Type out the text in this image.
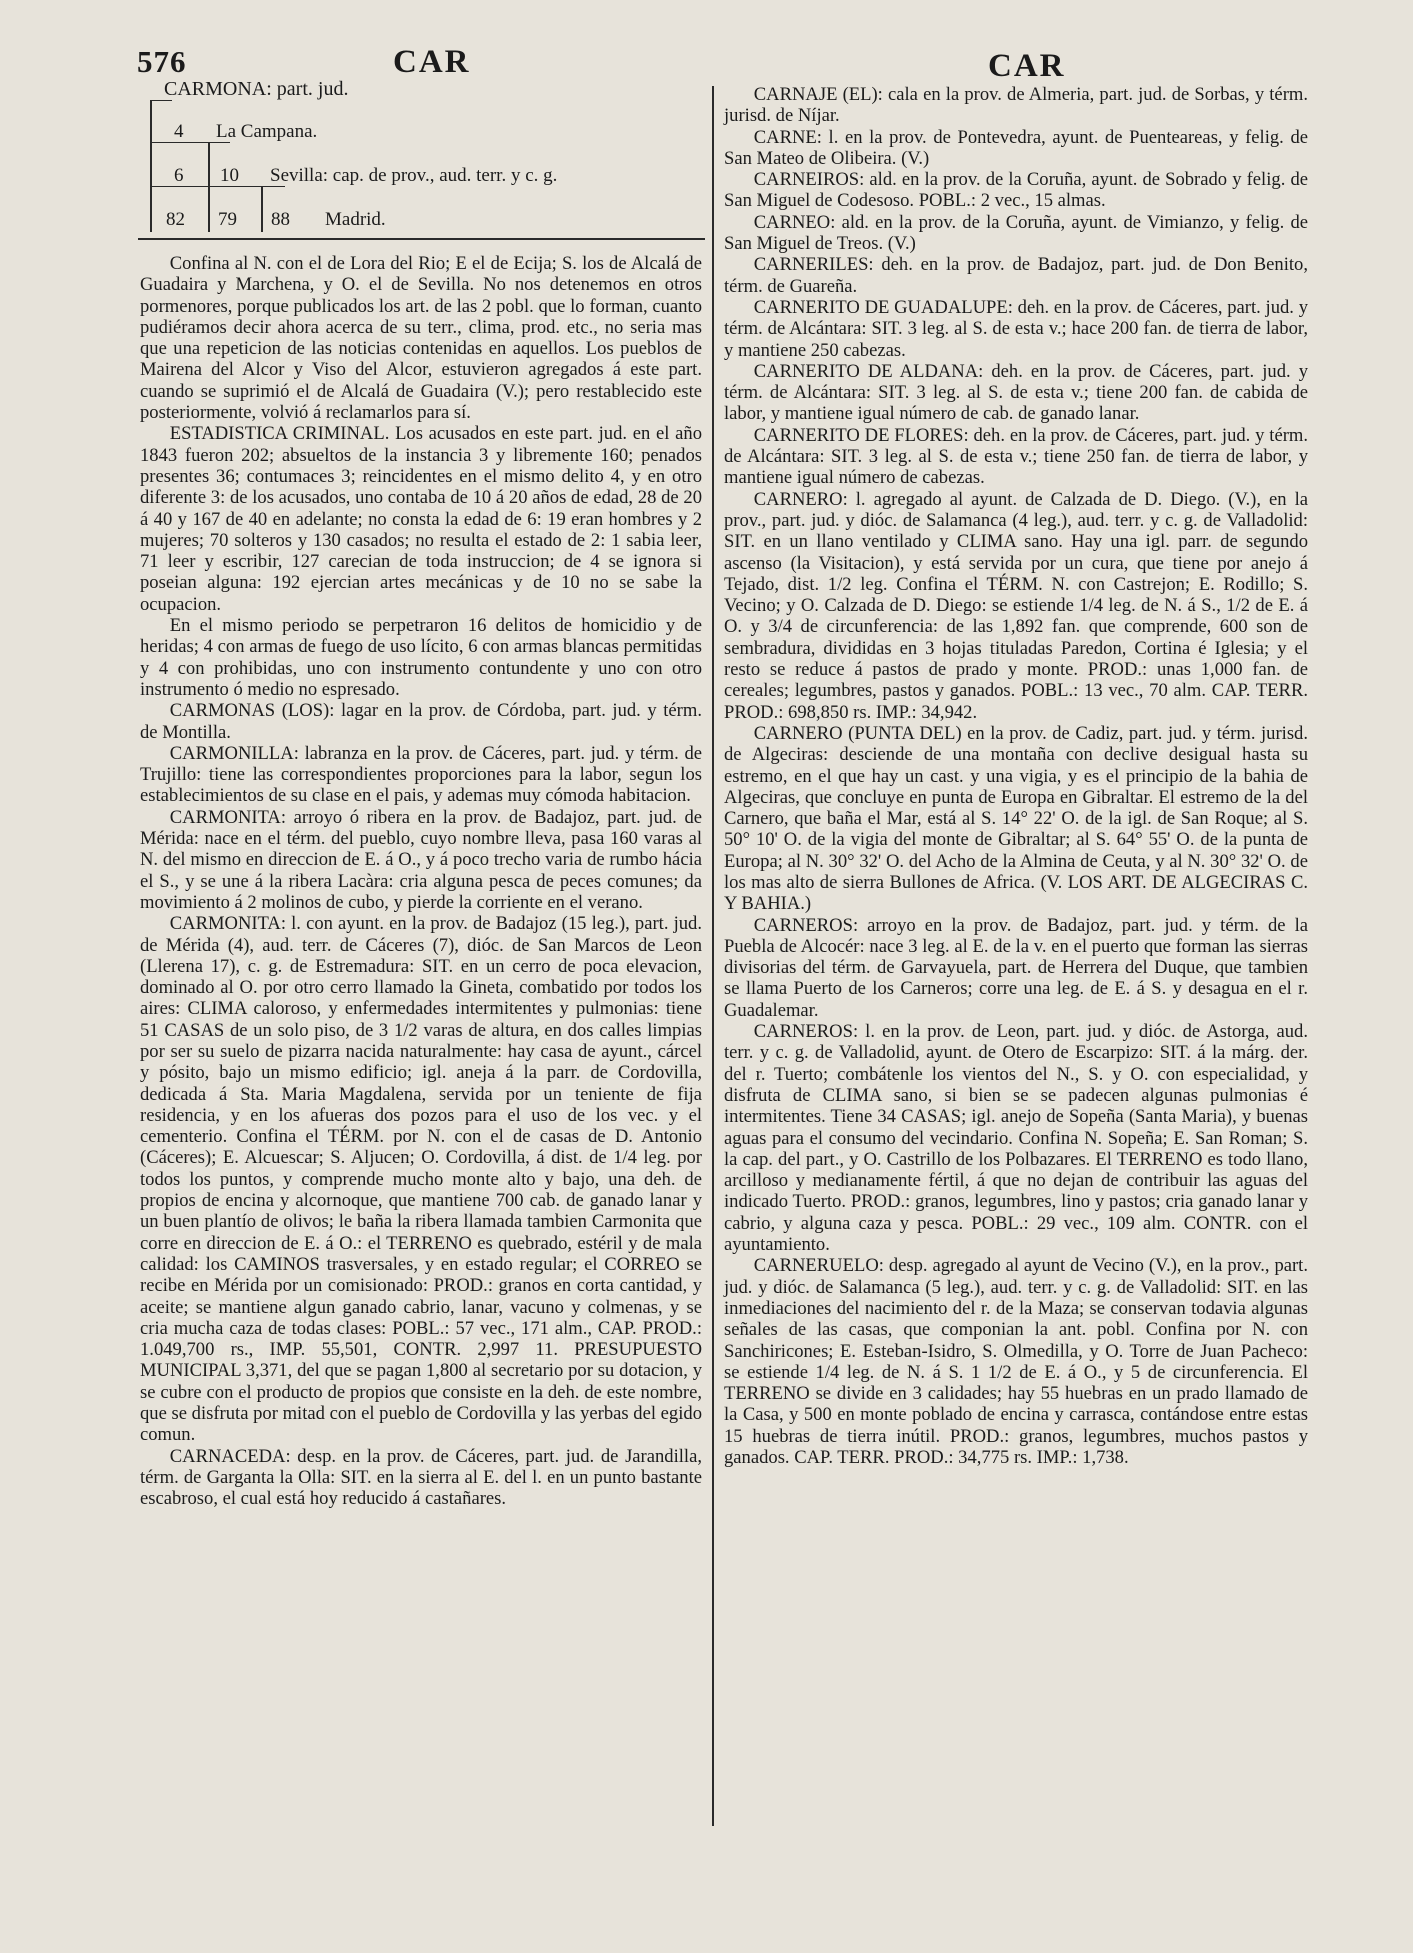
576	CAR	CAR
CARMONA: part. jud.
4 La Campana.
6 10 Sevilla: cap. de prov., aud. terr. y c. g.
82 79 88 Madrid.

Confina al N. con el de Lora del Rio; E el de Ecija; S. los de Alcalá de Guadaira y Marchena, y O. el de Sevilla. No nos detenemos en otros pormenores, porque publicados los art. de las 2 pobl. que lo forman, cuanto pudiéramos decir ahora acerca de su terr., clima, prod. etc., no seria mas que una repeticion de las noticias contenidas en aquellos. Los pueblos de Mairena del Alcor y Viso del Alcor, estuvieron agregados á este part. cuando se suprimió el de Alcalá de Guadaira (V.); pero restablecido este posteriormente, volvió á reclamarlos para sí.

ESTADISTICA CRIMINAL. Los acusados en este part. jud. en el año 1843 fueron 202; absueltos de la instancia 3 y libremente 160; penados presentes 36; contumaces 3; reincidentes en el mismo delito 4, y en otro diferente 3: de los acusados, uno contaba de 10 á 20 años de edad, 28 de 20 á 40 y 167 de 40 en adelante; no consta la edad de 6: 19 eran hombres y 2 mujeres; 70 solteros y 130 casados; no resulta el estado de 2: 1 sabia leer, 71 leer y escribir, 127 carecian de toda instruccion; de 4 se ignora si poseian alguna: 192 ejercian artes mecánicas y de 10 no se sabe la ocupacion.

En el mismo periodo se perpetraron 16 delitos de homicidio y de heridas; 4 con armas de fuego de uso lícito, 6 con armas blancas permitidas y 4 con prohibidas, uno con instrumento contundente y uno con otro instrumento ó medio no espresado.

CARMONAS (LOS): lagar en la prov. de Córdoba, part. jud. y térm. de Montilla.

CARMONILLA: labranza en la prov. de Cáceres, part. jud. y térm. de Trujillo: tiene las correspondientes proporciones para la labor, segun los establecimientos de su clase en el pais, y ademas muy cómoda habitacion.

CARMONITA: arroyo ó ribera en la prov. de Badajoz, part. jud. de Mérida: nace en el térm. del pueblo, cuyo nombre lleva, pasa 160 varas al N. del mismo en direccion de E. á O., y á poco trecho varia de rumbo hácia el S., y se une á la ribera Lacàra: cria alguna pesca de peces comunes; da movimiento á 2 molinos de cubo, y pierde la corriente en el verano.

CARMONITA: l. con ayunt. en la prov. de Badajoz (15 leg.), part. jud. de Mérida (4), aud. terr. de Cáceres (7), dióc. de San Marcos de Leon (Llerena 17), c. g. de Estremadura: SIT. en un cerro de poca elevacion, dominado al O. por otro cerro llamado la Gineta, combatido por todos los aires: CLIMA caloroso, y enfermedades intermitentes y pulmonias: tiene 51 CASAS de un solo piso, de 3 1/2 varas de altura, en dos calles limpias por ser su suelo de pizarra nacida naturalmente: hay casa de ayunt., cárcel y pósito, bajo un mismo edificio; igl. aneja á la parr. de Cordovilla, dedicada á Sta. Maria Magdalena, servida por un teniente de fija residencia, y en los afueras dos pozos para el uso de los vec. y el cementerio. Confina el TÉRM. por N. con el de casas de D. Antonio (Cáceres); E. Alcuescar; S. Aljucen; O. Cordovilla, á dist. de 1/4 leg. por todos los puntos, y comprende mucho monte alto y bajo, una deh. de propios de encina y alcornoque, que mantiene 700 cab. de ganado lanar y un buen plantío de olivos; le baña la ribera llamada tambien Carmonita que corre en direccion de E. á O.: el TERRENO es quebrado, estéril y de mala calidad: los CAMINOS trasversales, y en estado regular; el CORREO se recibe en Mérida por un comisionado: PROD.: granos en corta cantidad, y aceite; se mantiene algun ganado cabrio, lanar, vacuno y colmenas, y se cria mucha caza de todas clases: POBL.: 57 vec., 171 alm., CAP. PROD.: 1.049,700 rs., IMP. 55,501, CONTR. 2,997 11. PRESUPUESTO MUNICIPAL 3,371, del que se pagan 1,800 al secretario por su dotacion, y se cubre con el producto de propios que consiste en la deh. de este nombre, que se disfruta por mitad con el pueblo de Cordovilla y las yerbas del egido comun.

CARNACEDA: desp. en la prov. de Cáceres, part. jud. de Jarandilla, térm. de Garganta la Olla: SIT. en la sierra al E. del l. en un punto bastante escabroso, el cual está hoy reducido á castañares.

CARNAJE (EL): cala en la prov. de Almeria, part. jud. de Sorbas, y térm. jurisd. de Níjar.

CARNE: l. en la prov. de Pontevedra, ayunt. de Puenteareas, y felig. de San Mateo de Olibeira. (V.)

CARNEIROS: ald. en la prov. de la Coruña, ayunt. de Sobrado y felig. de San Miguel de Codesoso. POBL.: 2 vec., 15 almas.

CARNEO: ald. en la prov. de la Coruña, ayunt. de Vimianzo, y felig. de San Miguel de Treos. (V.)

CARNERILES: deh. en la prov. de Badajoz, part. jud. de Don Benito, térm. de Guareña.

CARNERITO DE GUADALUPE: deh. en la prov. de Cáceres, part. jud. y térm. de Alcántara: SIT. 3 leg. al S. de esta v.; hace 200 fan. de tierra de labor, y mantiene 250 cabezas.

CARNERITO DE ALDANA: deh. en la prov. de Cáceres, part. jud. y térm. de Alcántara: SIT. 3 leg. al S. de esta v.; tiene 200 fan. de cabida de labor, y mantiene igual número de cab. de ganado lanar.

CARNERITO DE FLORES: deh. en la prov. de Cáceres, part. jud. y térm. de Alcántara: SIT. 3 leg. al S. de esta v.; tiene 250 fan. de tierra de labor, y mantiene igual número de cabezas.

CARNERO: l. agregado al ayunt. de Calzada de D. Diego. (V.), en la prov., part. jud. y dióc. de Salamanca (4 leg.), aud. terr. y c. g. de Valladolid: SIT. en un llano ventilado y CLIMA sano. Hay una igl. parr. de segundo ascenso (la Visitacion), y está servida por un cura, que tiene por anejo á Tejado, dist. 1/2 leg. Confina el TÉRM. N. con Castrejon; E. Rodillo; S. Vecino; y O. Calzada de D. Diego: se estiende 1/4 leg. de N. á S., 1/2 de E. á O. y 3/4 de circunferencia: de las 1,892 fan. que comprende, 600 son de sembradura, divididas en 3 hojas tituladas Paredon, Cortina é Iglesia; y el resto se reduce á pastos de prado y monte. PROD.: unas 1,000 fan. de cereales; legumbres, pastos y ganados. POBL.: 13 vec., 70 alm. CAP. TERR. PROD.: 698,850 rs. IMP.: 34,942.

CARNERO (PUNTA DEL) en la prov. de Cadiz, part. jud. y térm. jurisd. de Algeciras: desciende de una montaña con declive desigual hasta su estremo, en el que hay un cast. y una vigia, y es el principio de la bahia de Algeciras, que concluye en punta de Europa en Gibraltar. El estremo de la del Carnero, que baña el Mar, está al S. 14° 22' O. de la igl. de San Roque; al S. 50° 10' O. de la vigia del monte de Gibraltar; al S. 64° 55' O. de la punta de Europa; al N. 30° 32' O. del Acho de la Almina de Ceuta, y al N. 30° 32' O. de los mas alto de sierra Bullones de Africa. (V. LOS ART. DE ALGECIRAS C. Y BAHIA.)

CARNEROS: arroyo en la prov. de Badajoz, part. jud. y térm. de la Puebla de Alcocér: nace 3 leg. al E. de la v. en el puerto que forman las sierras divisorias del térm. de Garvayuela, part. de Herrera del Duque, que tambien se llama Puerto de los Carneros; corre una leg. de E. á S. y desagua en el r. Guadalemar.

CARNEROS: l. en la prov. de Leon, part. jud. y dióc. de Astorga, aud. terr. y c. g. de Valladolid, ayunt. de Otero de Escarpizo: SIT. á la márg. der. del r. Tuerto; combátenle los vientos del N., S. y O. con especialidad, y disfruta de CLIMA sano, si bien se se padecen algunas pulmonias é intermitentes. Tiene 34 CASAS; igl. anejo de Sopeña (Santa Maria), y buenas aguas para el consumo del vecindario. Confina N. Sopeña; E. San Roman; S. la cap. del part., y O. Castrillo de los Polbazares. El TERRENO es todo llano, arcilloso y medianamente fértil, á que no dejan de contribuir las aguas del indicado Tuerto. PROD.: granos, legumbres, lino y pastos; cria ganado lanar y cabrio, y alguna caza y pesca. POBL.: 29 vec., 109 alm. CONTR. con el ayuntamiento.

CARNERUELO: desp. agregado al ayunt de Vecino (V.), en la prov., part. jud. y dióc. de Salamanca (5 leg.), aud. terr. y c. g. de Valladolid: SIT. en las inmediaciones del nacimiento del r. de la Maza; se conservan todavia algunas señales de las casas, que componian la ant. pobl. Confina por N. con Sanchiricones; E. Esteban-Isidro, S. Olmedilla, y O. Torre de Juan Pacheco: se estiende 1/4 leg. de N. á S. 1 1/2 de E. á O., y 5 de circunferencia. El TERRENO se divide en 3 calidades; hay 55 huebras en un prado llamado de la Casa, y 500 en monte poblado de encina y carrasca, contándose entre estas 15 huebras de tierra inútil. PROD.: granos, legumbres, muchos pastos y ganados. CAP. TERR. PROD.: 34,775 rs. IMP.: 1,738.
